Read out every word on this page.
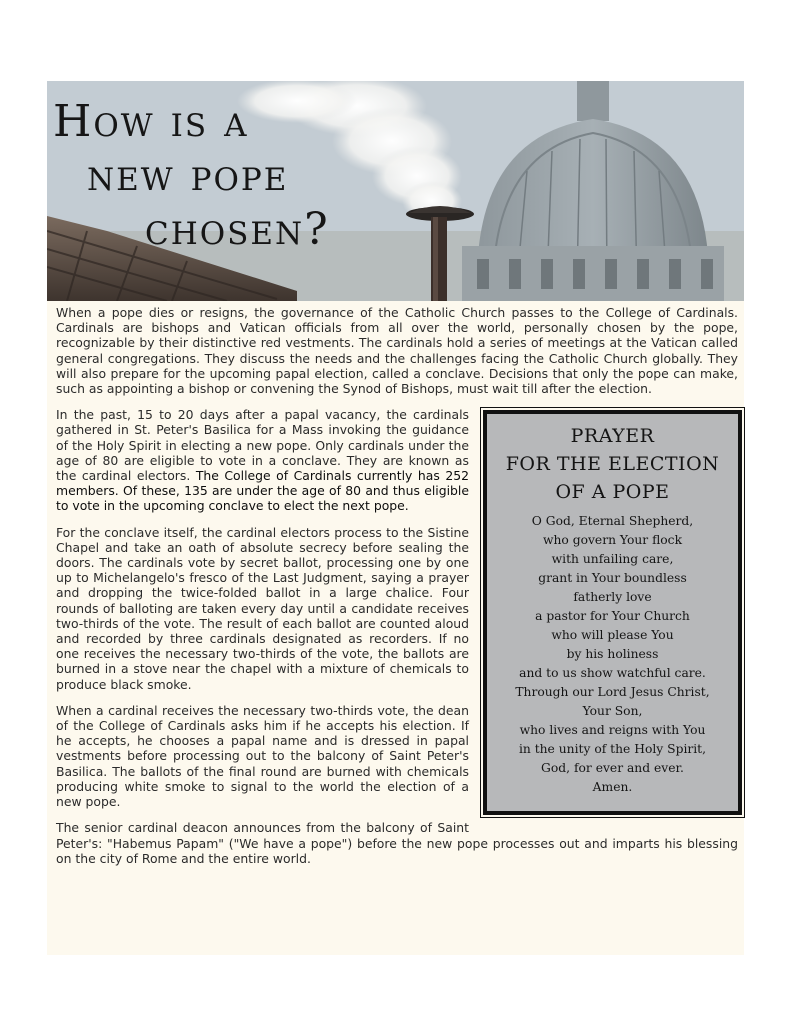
How is a
new pope
chosen?

When a pope dies or resigns, the governance of the Catholic Church passes to the College of Cardinals. Cardinals are bishops and Vatican officials from all over the world, personally chosen by the pope, recognizable by their distinctive red vestments. The cardinals hold a series of meetings at the Vatican called general congregations. They discuss the needs and the challenges facing the Catholic Church globally. They will also prepare for the upcoming papal election, called a conclave. Decisions that only the pope can make, such as appointing a bishop or convening the Synod of Bishops, must wait till after the election.

PRAYER
FOR THE ELECTION
OF A POPE
O God, Eternal Shepherd,
who govern Your flock
with unfailing care,
grant in Your boundless
fatherly love
a pastor for Your Church
who will please You
by his holiness
and to us show watchful care.
Through our Lord Jesus Christ,
Your Son,
who lives and reigns with You
in the unity of the Holy Spirit,
God, for ever and ever.
Amen.

In the past, 15 to 20 days after a papal vacancy, the cardinals gathered in St. Peter's Basilica for a Mass invoking the guidance of the Holy Spirit in electing a new pope. Only cardinals under the age of 80 are eligible to vote in a conclave. They are known as the cardinal electors. The College of Cardinals currently has 252 members. Of these, 135 are under the age of 80 and thus eligible to vote in the upcoming conclave to elect the next pope.

For the conclave itself, the cardinal electors process to the Sistine Chapel and take an oath of absolute secrecy before sealing the doors. The cardinals vote by secret ballot, processing one by one up to Michelangelo's fresco of the Last Judgment, saying a prayer and dropping the twice-folded ballot in a large chalice. Four rounds of balloting are taken every day until a candidate receives two-thirds of the vote. The result of each ballot are counted aloud and recorded by three cardinals designated as recorders. If no one receives the necessary two-thirds of the vote, the ballots are burned in a stove near the chapel with a mixture of chemicals to produce black smoke.

When a cardinal receives the necessary two-thirds vote, the dean of the College of Cardinals asks him if he accepts his election. If he accepts, he chooses a papal name and is dressed in papal vestments before processing out to the balcony of Saint Peter's Basilica. The ballots of the final round are burned with chemicals producing white smoke to signal to the world the election of a new pope.

The senior cardinal deacon announces from the balcony of Saint Peter's: "Habemus Papam" ("We have a pope") before the new pope processes out and imparts his blessing on the city of Rome and the entire world.
